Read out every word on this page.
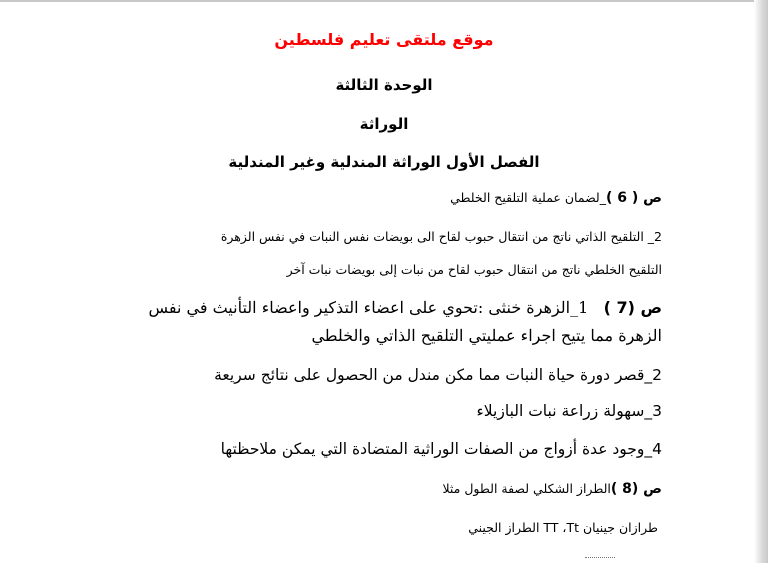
موقع ملتقى تعليم فلسطين
الوحدة الثالثة
الوراثة
الفصل الأول الوراثة المندلية وغير المندلية
ص ( 6 )_لضمان عملية التلقيح الخلطي
2_ التلقيح الذاتي ناتج من انتقال حبوب لقاح الى بويضات نفس النبات في نفس الزهرة
التلقيح الخلطي ناتج من انتقال حبوب لقاح من نبات إلى بويضات نبات آخر
ص (7 )   1_الزهرة خنثى :تحوي على اعضاء التذكير واعضاء التأنيث في نفس
الزهرة مما يتيح اجراء عمليتي التلقيح الذاتي والخلطي
2_قصر دورة حياة النبات مما مكن مندل من الحصول على نتائج سريعة
3_سهولة زراعة نبات البازيلاء
4_وجود عدة أزواج من الصفات الوراثية المتضادة التي يمكن ملاحظتها
ص (8 )الطراز الشكلي لصفة الطول مثلا
طرازان جينيان TT ،Tt الطراز الجيني
